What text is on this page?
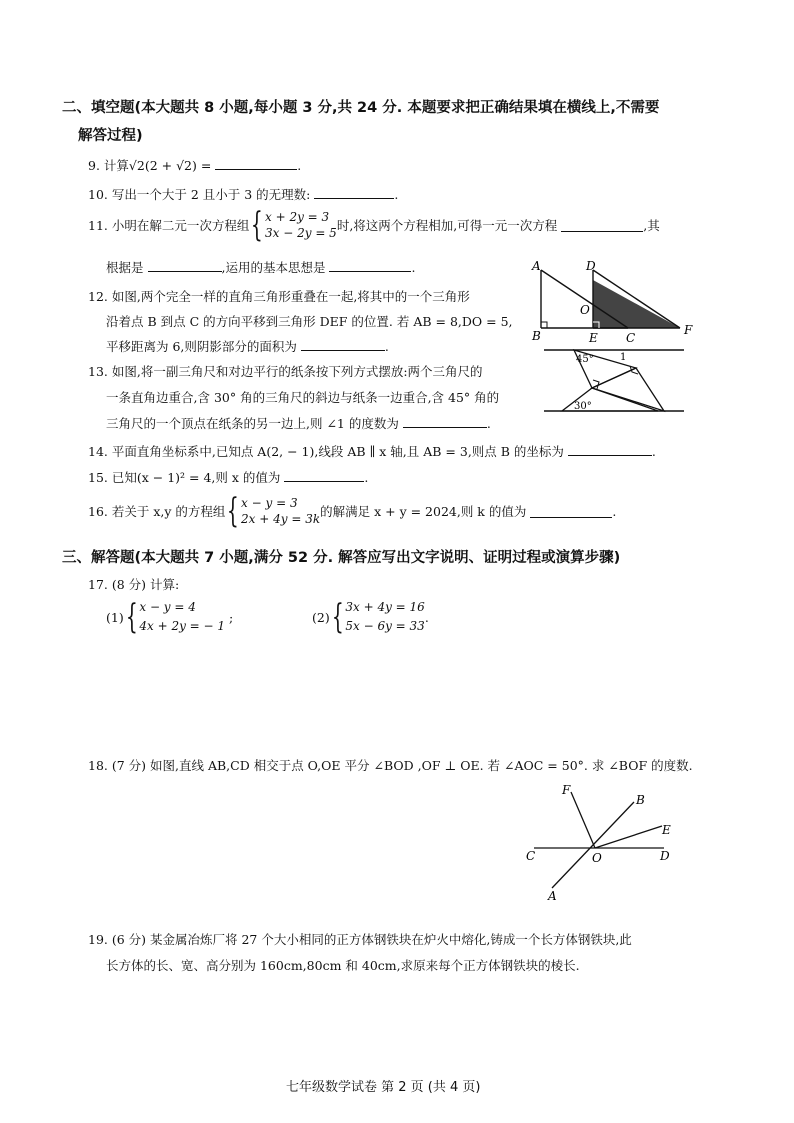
二、填空题(本大题共 8 小题,每小题 3 分,共 24 分. 本题要求把正确结果填在横线上,不需要
解答过程)
9. 计算√2(2 + √2) =	.
10. 写出一个大于 2 且小于 3 的无理数:	.
11. 小明在解二元一次方程组 { x + 2y = 3
3x − 2y = 5 时,将这两个方程相加,可得一元一次方程	,其
根据是	,运用的基本思想是	.
12. 如图,两个完全一样的直角三角形重叠在一起,将其中的一个三角形
沿着点 B 到点 C 的方向平移到三角形 DEF 的位置. 若 AB = 8,DO = 5,
平移距离为 6,则阴影部分的面积为	.
A
B
D
O
E C
F
13. 如图,将一副三角尺和对边平行的纸条按下列方式摆放:两个三角尺的
一条直角边重合,含 30° 角的三角尺的斜边与纸条一边重合,含 45° 角的
三角尺的一个顶点在纸条的另一边上,则 ∠1 的度数为	.
45°	1
30°
14. 平面直角坐标系中,已知点 A(2, − 1),线段 AB ∥ x 轴,且 AB = 3,则点 B 的坐标为	.
15. 已知(x − 1)² = 4,则 x 的值为	.
16. 若关于 x,y 的方程组 { x − y = 3
2x + 4y = 3k 的解满足 x + y = 2024,则 k 的值为	.
三、解答题(本大题共 7 小题,满分 52 分. 解答应写出文字说明、证明过程或演算步骤)
17. (8 分) 计算:
(1) { x − y = 4
4x + 2y = − 1
;	(2) { 3x + 4y = 16
5x − 6y = 33
.
18. (7 分) 如图,直线 AB,CD 相交于点 O,OE 平分 ∠BOD ,OF ⊥ OE. 若 ∠AOC = 50°. 求 ∠BOF 的度数.
F
B
E
C	O	D
A
19. (6 分) 某金属冶炼厂将 27 个大小相同的正方体钢铁块在炉火中熔化,铸成一个长方体钢铁块,此
长方体的长、宽、高分别为 160cm,80cm 和 40cm,求原来每个正方体钢铁块的棱长.
七年级数学试卷 第 2 页 (共 4 页)
